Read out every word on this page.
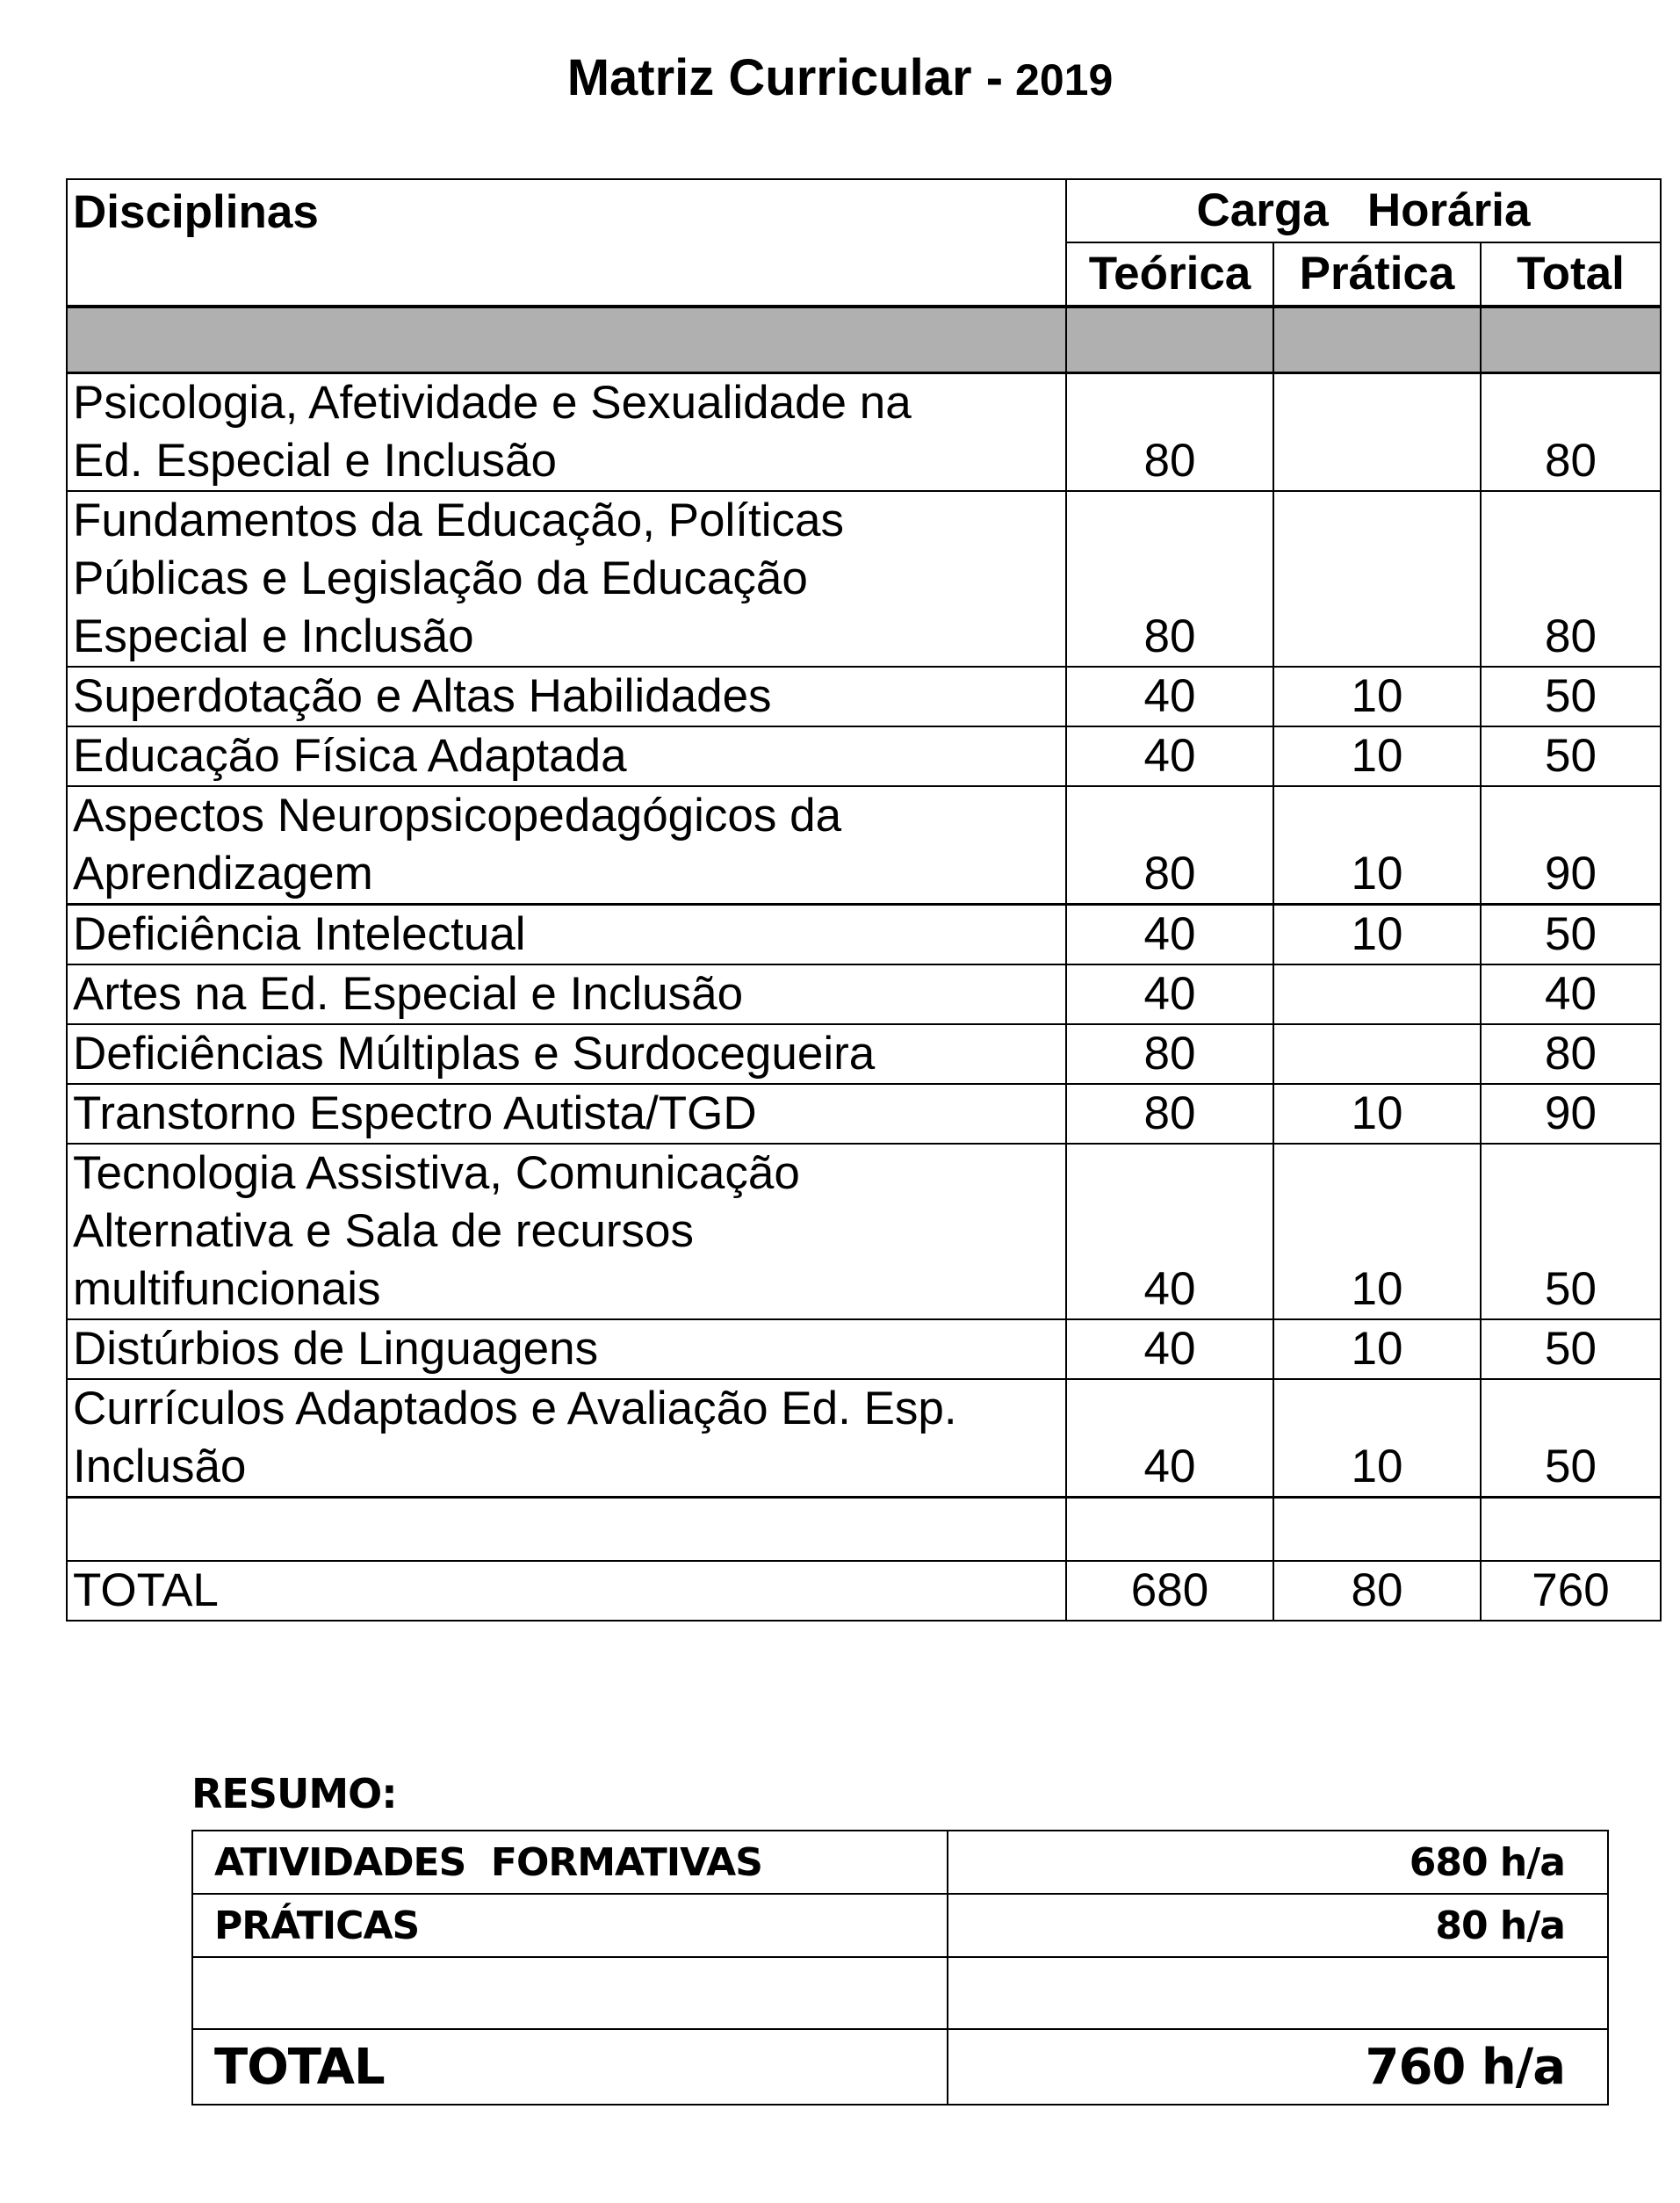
Matriz Curricular - 2019
Disciplinas	Carga   Horária		
	Teórica	Prática	Total

Psicologia, Afetividade e Sexualidade na
Ed. Especial e Inclusão	80		80

Fundamentos da Educação, Políticas
Públicas e Legislação da Educação
Especial e Inclusão	80		80

Superdotação e Altas Habilidades	40	10	50

Educação Física Adaptada	40	10	50

Aspectos Neuropsicopedagógicos da
Aprendizagem	80	10	90

Deficiência Intelectual	40	10	50

Artes na Ed. Especial e Inclusão	40		40

Deficiências Múltiplas e Surdocegueira	80		80

Transtorno Espectro Autista/TGD	80	10	90

Tecnologia Assistiva, Comunicação
Alternativa e Sala de recursos
multifuncionais	40	10	50

Distúrbios de Linguagens	40	10	50

Currículos Adaptados e Avaliação Ed. Esp.
Inclusão	40	10	50

TOTAL	680	80	760
RESUMO:
ATIVIDADES  FORMATIVAS	680 h/a
PRÁTICAS	80 h/a

TOTAL	760 h/a
